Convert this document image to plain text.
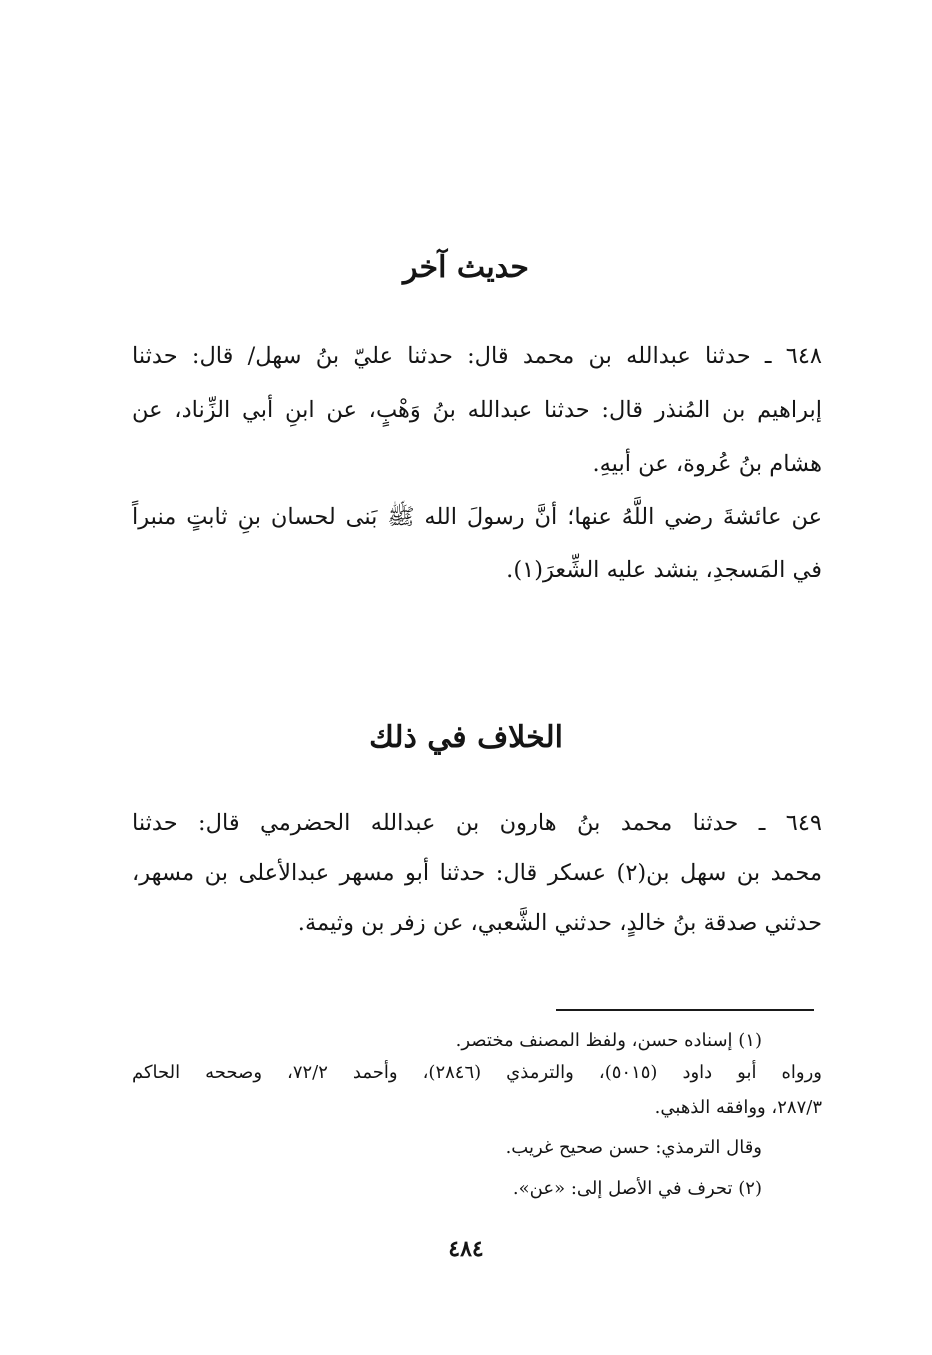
حديث آخر
٦٤٨ ـ حدثنا عبدالله بن محمد قال: حدثنا عليّ بنُ سهل/ قال: حدثنا
إبراهيم بن المُنذر قال: حدثنا عبدالله بنُ وَهْبٍ، عن ابنِ أبي الزِّناد، عن
هشام بنُ عُروة، عن أبيهِ.
عن عائشةَ رضي اللَّهُ عنها؛ أنَّ رسولَ الله ﷺ بَنى لحسان بنِ ثابتٍ منبراً
في المَسجدِ، ينشد عليه الشِّعرَ(١).
الخلاف في ذلك
٦٤٩ ـ حدثنا محمد بنُ هارون بن عبدالله الحضرمي قال: حدثنا
محمد بن سهل بن(٢) عسكر قال: حدثنا أبو مسهر عبدالأعلى بن مسهر،
حدثني صدقة بنُ خالدٍ، حدثني الشَّعبي، عن زفر بن وثيمة.
(١) إسناده حسن، ولفظ المصنف مختصر.
ورواه أبو داود (٥٠١٥)، والترمذي (٢٨٤٦)، وأحمد ٧٢/٢، وصححه الحاكم
٢٨٧/٣، ووافقه الذهبي.
وقال الترمذي: حسن صحيح غريب.
(٢) تحرف في الأصل إلى: «عن».
٤٨٤
